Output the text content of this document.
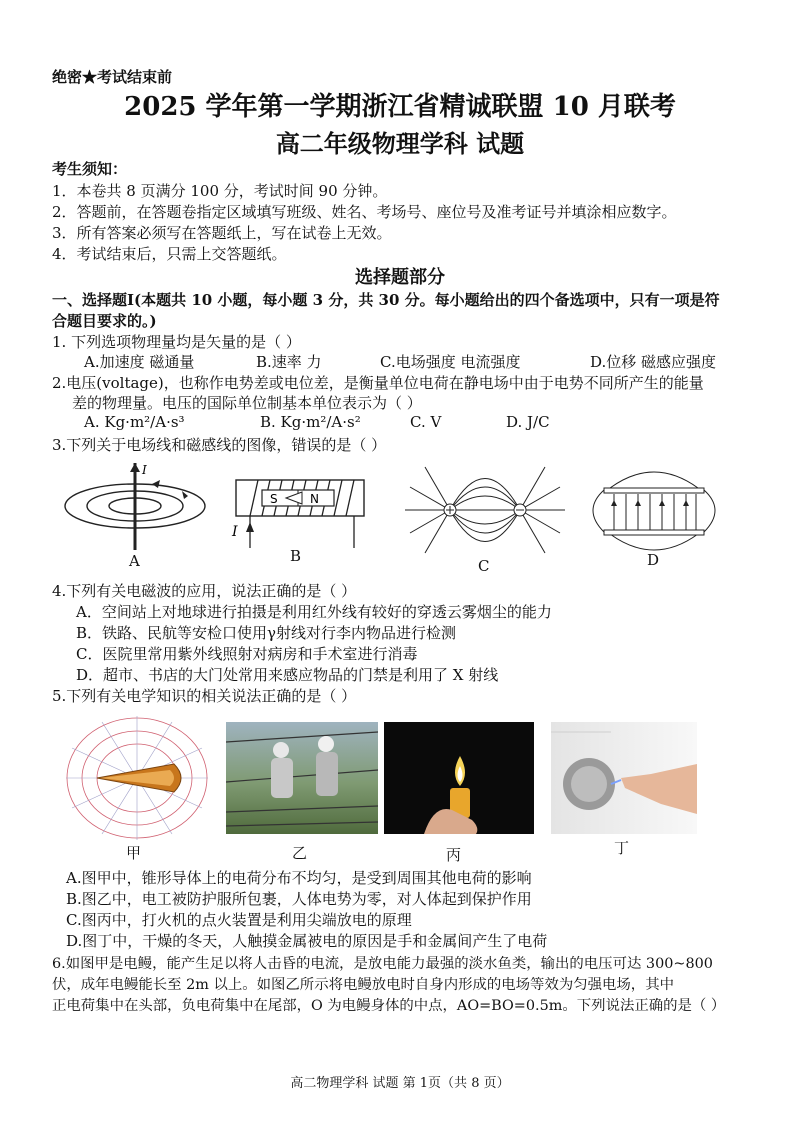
绝密★考试结束前
2025 学年第一学期浙江省精诚联盟 10 月联考
高二年级物理学科 试题
考生须知：
1．本卷共 8 页满分 100 分，考试时间 90 分钟。
2．答题前，在答题卷指定区域填写班级、姓名、考场号、座位号及准考证号并填涂相应数字。
3．所有答案必须写在答题纸上，写在试卷上无效。
4．考试结束后，只需上交答题纸。
选择题部分
一、选择题Ⅰ(本题共 10 小题，每小题 3 分，共 30 分。每小题给出的四个备选项中，只有一项是符
合题目要求的。)
1. 下列选项物理量均是矢量的是（ ）
A.加速度 磁通量	B.速率 力	C.电场强度 电流强度	D.位移 磁感应强度
2.电压(voltage)，也称作电势差或电位差，是衡量单位电荷在静电场中由于电势不同所产生的能量
差的物理量。电压的国际单位制基本单位表示为（ ）
A. Kg·m²/A·s³	B. Kg·m²/A·s²	C. V	D. J/C
3.下列关于电场线和磁感线的图像，错误的是（ ）
I
A
S	N
I
B
C	D
4.下列有关电磁波的应用，说法正确的是（ ）
A．空间站上对地球进行拍摄是利用红外线有较好的穿透云雾烟尘的能力
B．铁路、民航等安检口使用γ射线对行李内物品进行检测
C．医院里常用紫外线照射对病房和手术室进行消毒
D．超市、书店的大门处常用来感应物品的门禁是利用了 X 射线
5.下列有关电学知识的相关说法正确的是（ ）
甲	乙	丙	丁
A.图甲中，锥形导体上的电荷分布不均匀，是受到周围其他电荷的影响
B.图乙中，电工被防护服所包裹，人体电势为零，对人体起到保护作用
C.图丙中，打火机的点火装置是利用尖端放电的原理
D.图丁中，干燥的冬天，人触摸金属被电的原因是手和金属间产生了电荷
6.如图甲是电鳗，能产生足以将人击昏的电流，是放电能力最强的淡水鱼类，输出的电压可达 300~800
伏，成年电鳗能长至 2m 以上。如图乙所示将电鳗放电时自身内形成的电场等效为匀强电场，其中
正电荷集中在头部，负电荷集中在尾部，O 为电鳗身体的中点，AO=BO=0.5m。下列说法正确的是（ ）
高二物理学科 试题 第 1页（共 8 页）
